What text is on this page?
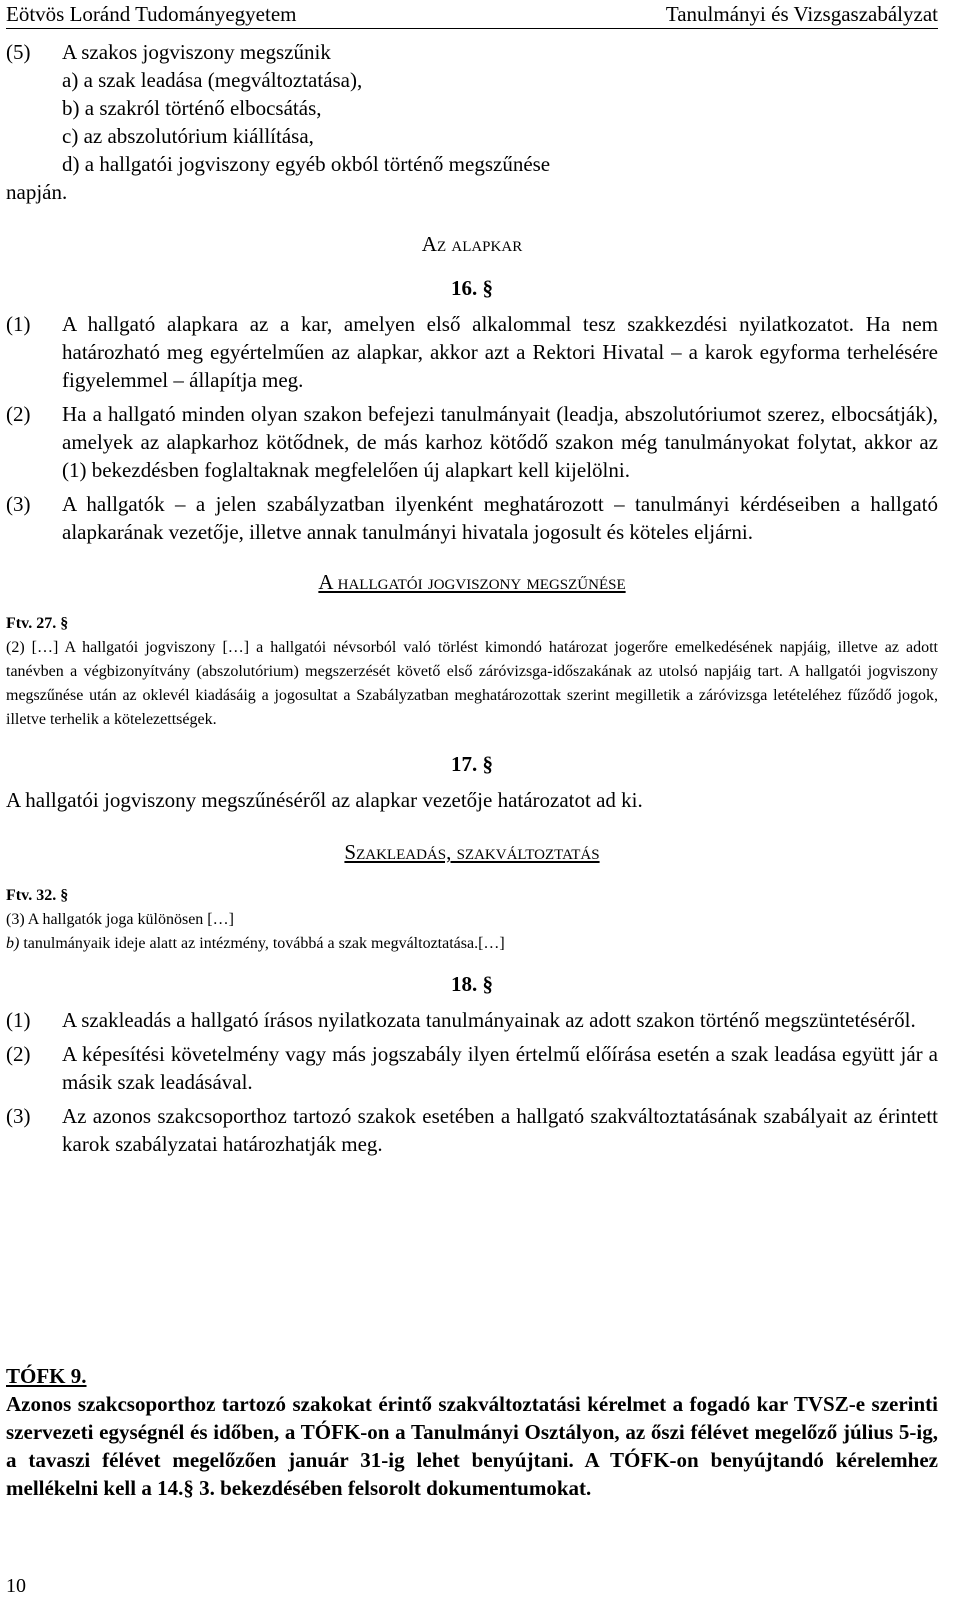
Eötvös Loránd Tudományegyetem	Tanulmányi és Vizsgaszabályzat
(5)	A szakos jogviszony megszűnik
a) a szak leadása (megváltoztatása),
b) a szakról történő elbocsátás,
c) az abszolutórium kiállítása,
d) a hallgatói jogviszony egyéb okból történő megszűnése
napján.
Az alapkar
16. §
(1)	A hallgató alapkara az a kar, amelyen első alkalommal tesz szakkezdési nyilatkozatot. Ha nem határozható meg egyértelműen az alapkar, akkor azt a Rektori Hivatal – a karok egyforma terhelésére figyelemmel – állapítja meg.
(2)	Ha a hallgató minden olyan szakon befejezi tanulmányait (leadja, abszolutóriumot szerez, elbocsátják), amelyek az alapkarhoz kötődnek, de más karhoz kötődő szakon még tanulmányokat folytat, akkor az (1) bekezdésben foglaltaknak megfelelően új alapkart kell kijelölni.
(3)	A hallgatók – a jelen szabályzatban ilyenként meghatározott – tanulmányi kérdéseiben a hallgató alapkarának vezetője, illetve annak tanulmányi hivatala jogosult és köteles eljárni.
A hallgatói jogviszony megszűnése
Ftv. 27. §
(2) […] A hallgatói jogviszony […] a hallgatói névsorból való törlést kimondó határozat jogerőre emelkedésének napjáig, illetve az adott tanévben a végbizonyítvány (abszolutórium) megszerzését követő első záróvizsga-időszakának az utolsó napjáig tart. A hallgatói jogviszony megszűnése után az oklevél kiadásáig a jogosultat a Szabályzatban meghatározottak szerint megilletik a záróvizsga letételéhez fűződő jogok, illetve terhelik a kötelezettségek.
17. §
A hallgatói jogviszony megszűnéséről az alapkar vezetője határozatot ad ki.
Szakleadás, szakváltoztatás
Ftv. 32. §
(3) A hallgatók joga különösen […]
b) tanulmányaik ideje alatt az intézmény, továbbá a szak megváltoztatása.[…]
18. §
(1)	A szakleadás a hallgató írásos nyilatkozata tanulmányainak az adott szakon történő megszüntetéséről.
(2)	A képesítési követelmény vagy más jogszabály ilyen értelmű előírása esetén a szak leadása együtt jár a másik szak leadásával.
(3)	Az azonos szakcsoporthoz tartozó szakok esetében a hallgató szakváltoztatásának szabályait az érintett karok szabályzatai határozhatják meg.
TÓFK 9.
Azonos szakcsoporthoz tartozó szakokat érintő szakváltoztatási kérelmet a fogadó kar TVSZ-e szerinti szervezeti egységnél és időben, a TÓFK-on a Tanulmányi Osztályon, az őszi félévet megelőző július 5-ig, a tavaszi félévet megelőzően január 31-ig lehet benyújtani. A TÓFK-on benyújtandó kérelemhez mellékelni kell a 14.§ 3. bekezdésében felsorolt dokumentumokat.
10
